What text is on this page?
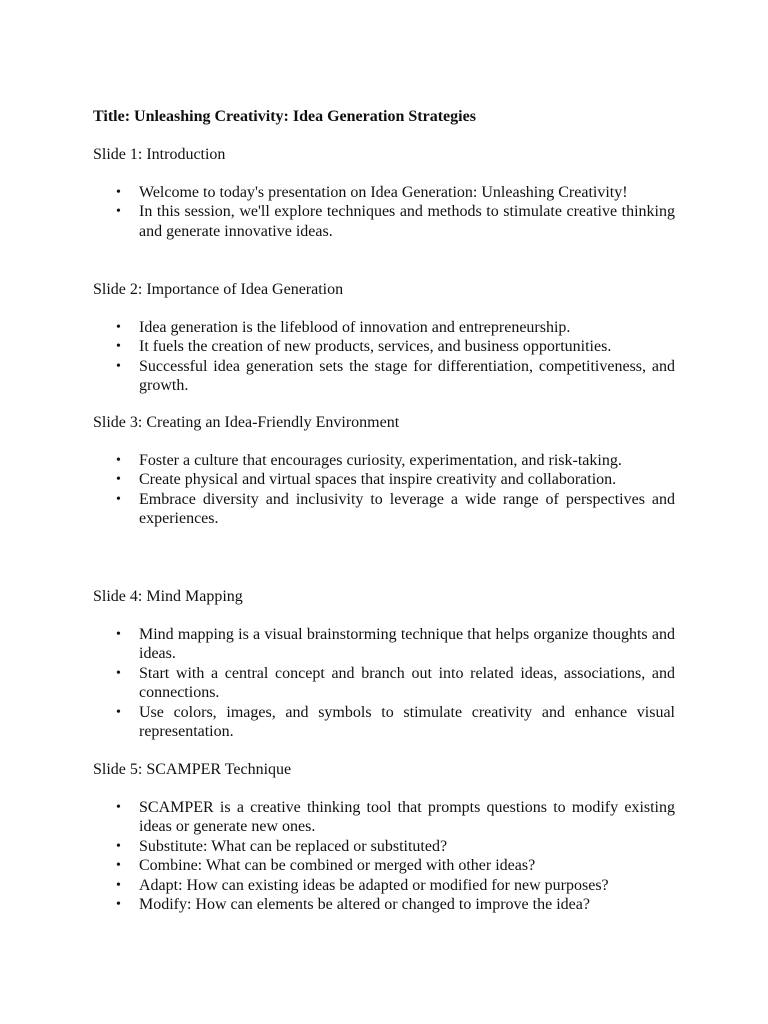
Title: Unleashing Creativity: Idea Generation Strategies
Slide 1: Introduction
• Welcome to today's presentation on Idea Generation: Unleashing Creativity!
• In this session, we'll explore techniques and methods to stimulate creative thinking and generate innovative ideas.
Slide 2: Importance of Idea Generation
• Idea generation is the lifeblood of innovation and entrepreneurship.
• It fuels the creation of new products, services, and business opportunities.
• Successful idea generation sets the stage for differentiation, competitiveness, and growth.
Slide 3: Creating an Idea-Friendly Environment
• Foster a culture that encourages curiosity, experimentation, and risk-taking.
• Create physical and virtual spaces that inspire creativity and collaboration.
• Embrace diversity and inclusivity to leverage a wide range of perspectives and experiences.
Slide 4: Mind Mapping
• Mind mapping is a visual brainstorming technique that helps organize thoughts and ideas.
• Start with a central concept and branch out into related ideas, associations, and connections.
• Use colors, images, and symbols to stimulate creativity and enhance visual representation.
Slide 5: SCAMPER Technique
• SCAMPER is a creative thinking tool that prompts questions to modify existing ideas or generate new ones.
• Substitute: What can be replaced or substituted?
• Combine: What can be combined or merged with other ideas?
• Adapt: How can existing ideas be adapted or modified for new purposes?
• Modify: How can elements be altered or changed to improve the idea?
